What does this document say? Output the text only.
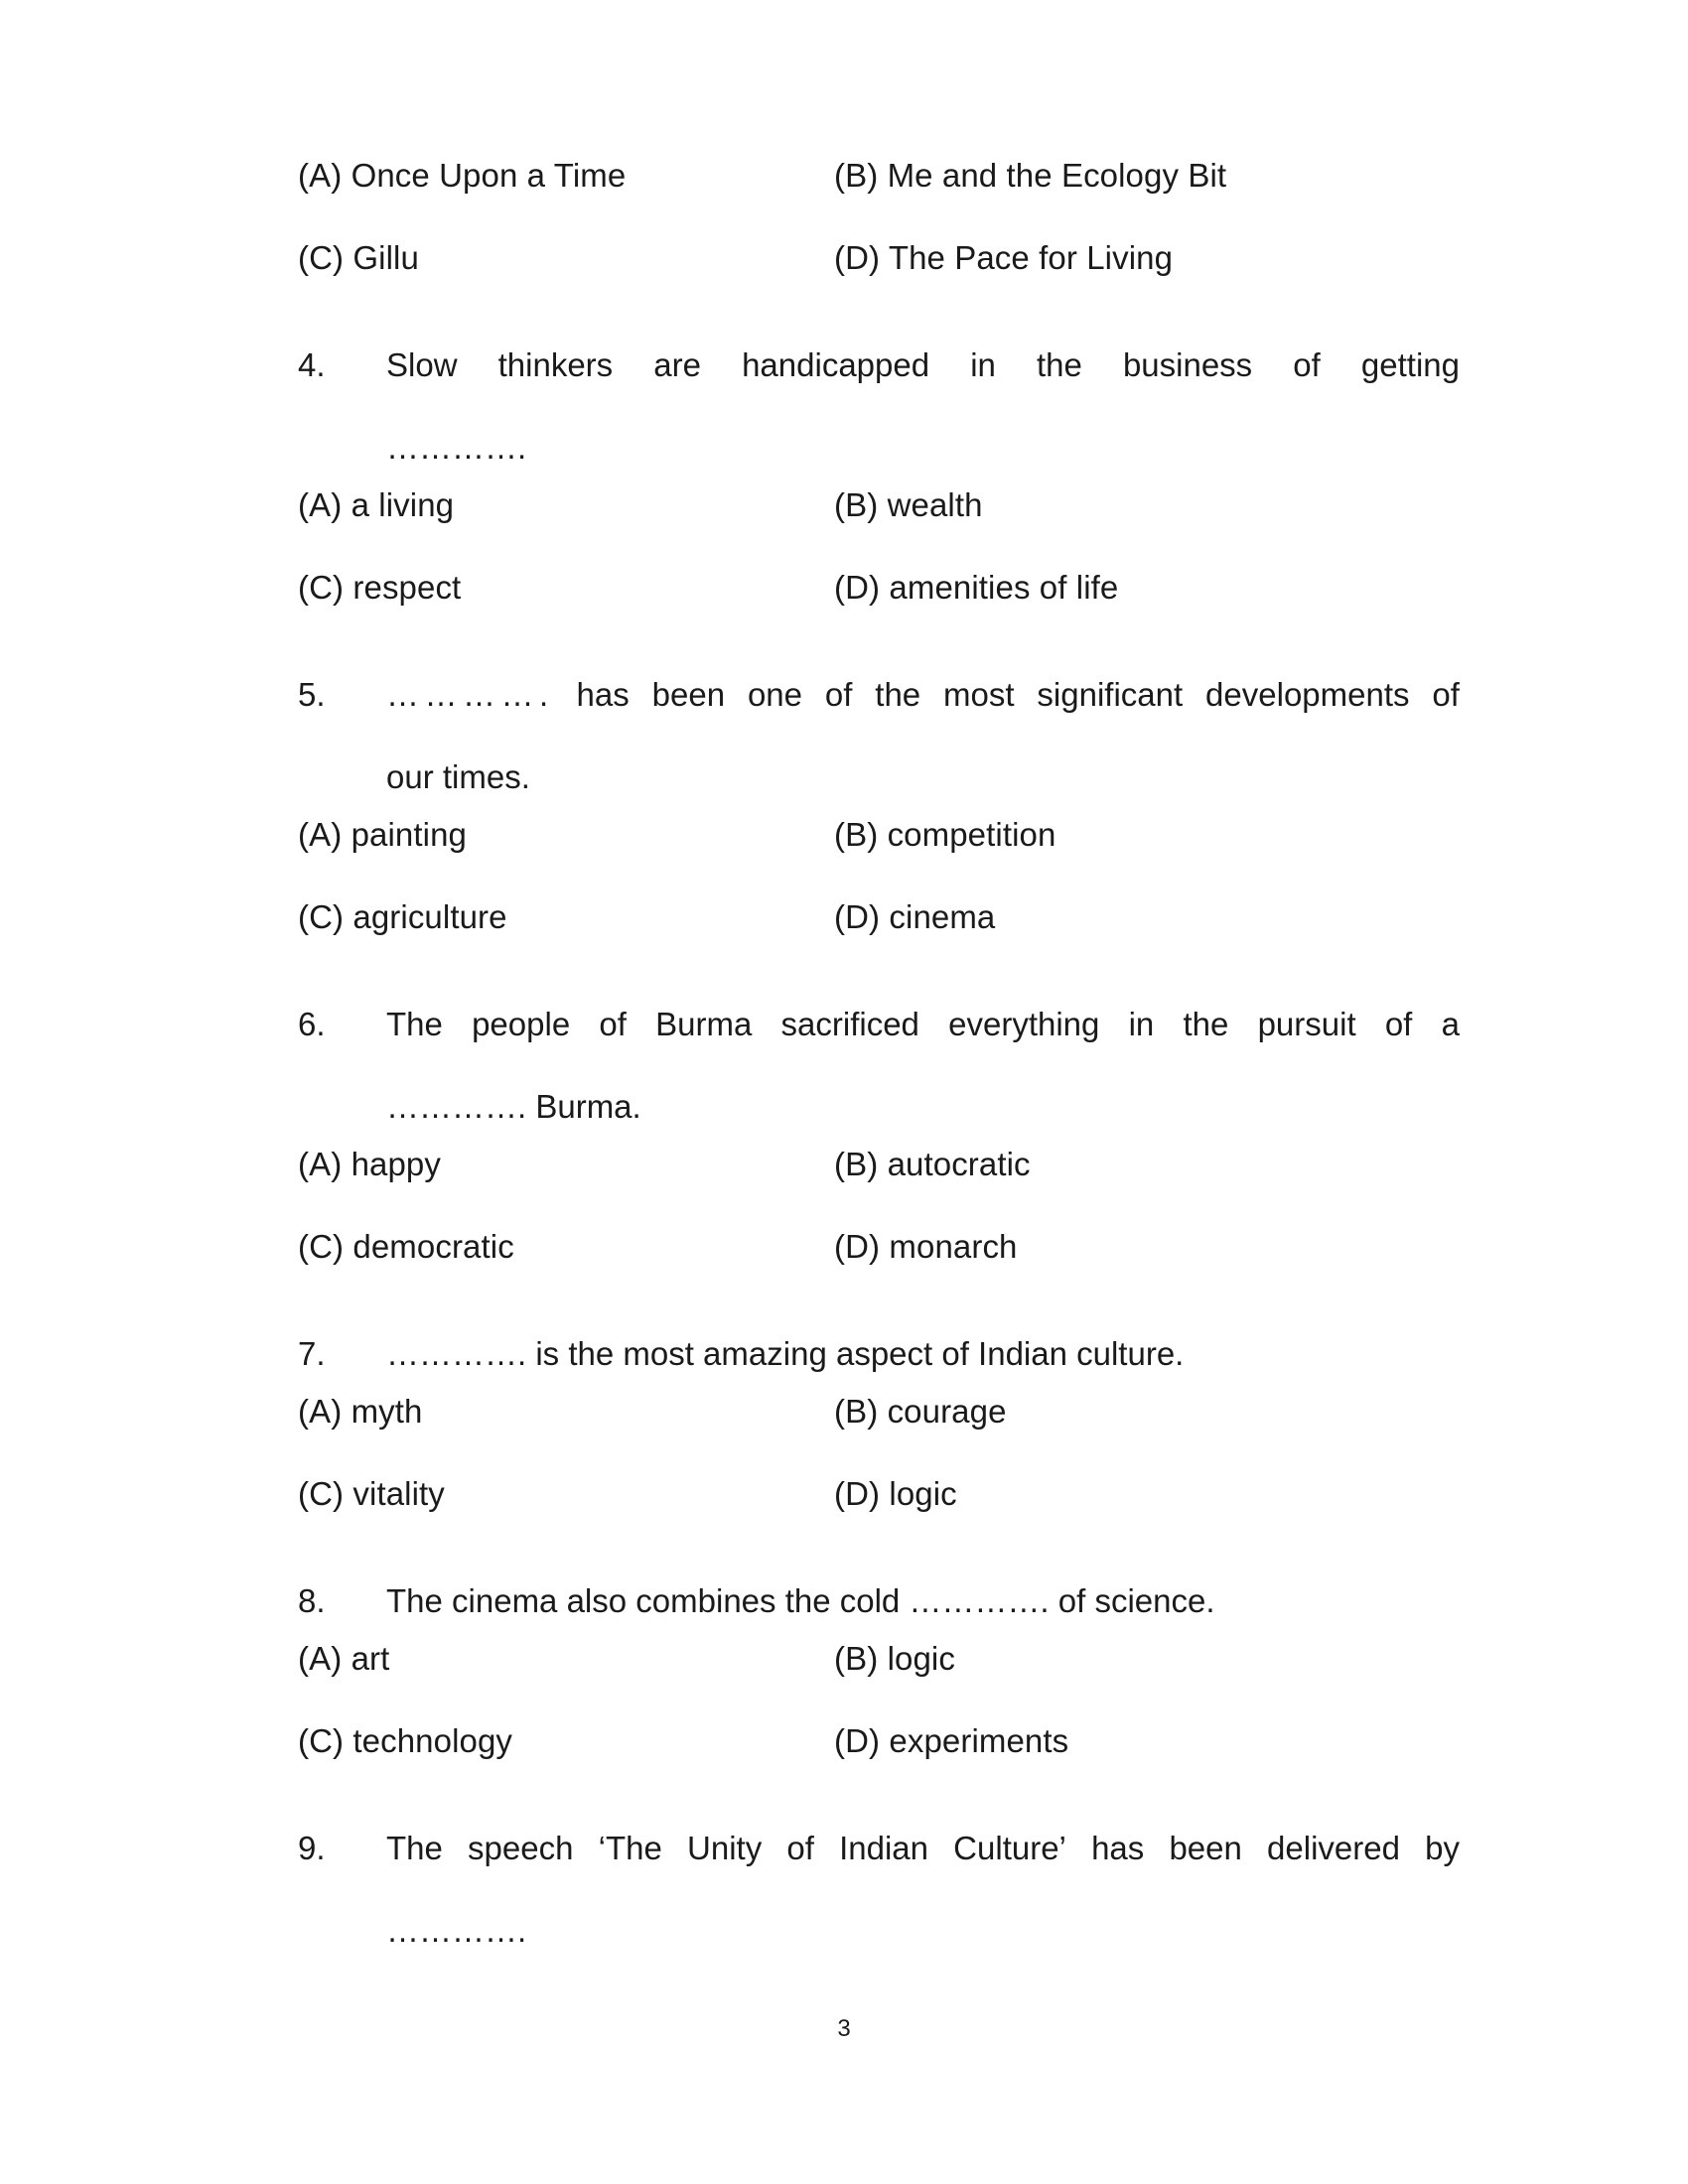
(A) Once Upon a Time	(B) Me and the Ecology Bit
(C) Gillu	(D) The Pace for Living
4.	Slow thinkers are handicapped in the business of getting
………….
(A) a living	(B) wealth
(C) respect	(D) amenities of life
5.	…………. has been one of the most significant developments of
our times.
(A) painting	(B) competition
(C) agriculture	(D) cinema
6.	The people of Burma sacrificed everything in the pursuit of a
…………. Burma.
(A) happy	(B) autocratic
(C) democratic	(D) monarch
7.	…………. is the most amazing aspect of Indian culture.
(A) myth	(B) courage
(C) vitality	(D) logic
8.	The cinema also combines the cold …………. of science.
(A) art	(B) logic
(C) technology	(D) experiments
9.	The speech ‘The Unity of Indian Culture’ has been delivered by
………….
3
